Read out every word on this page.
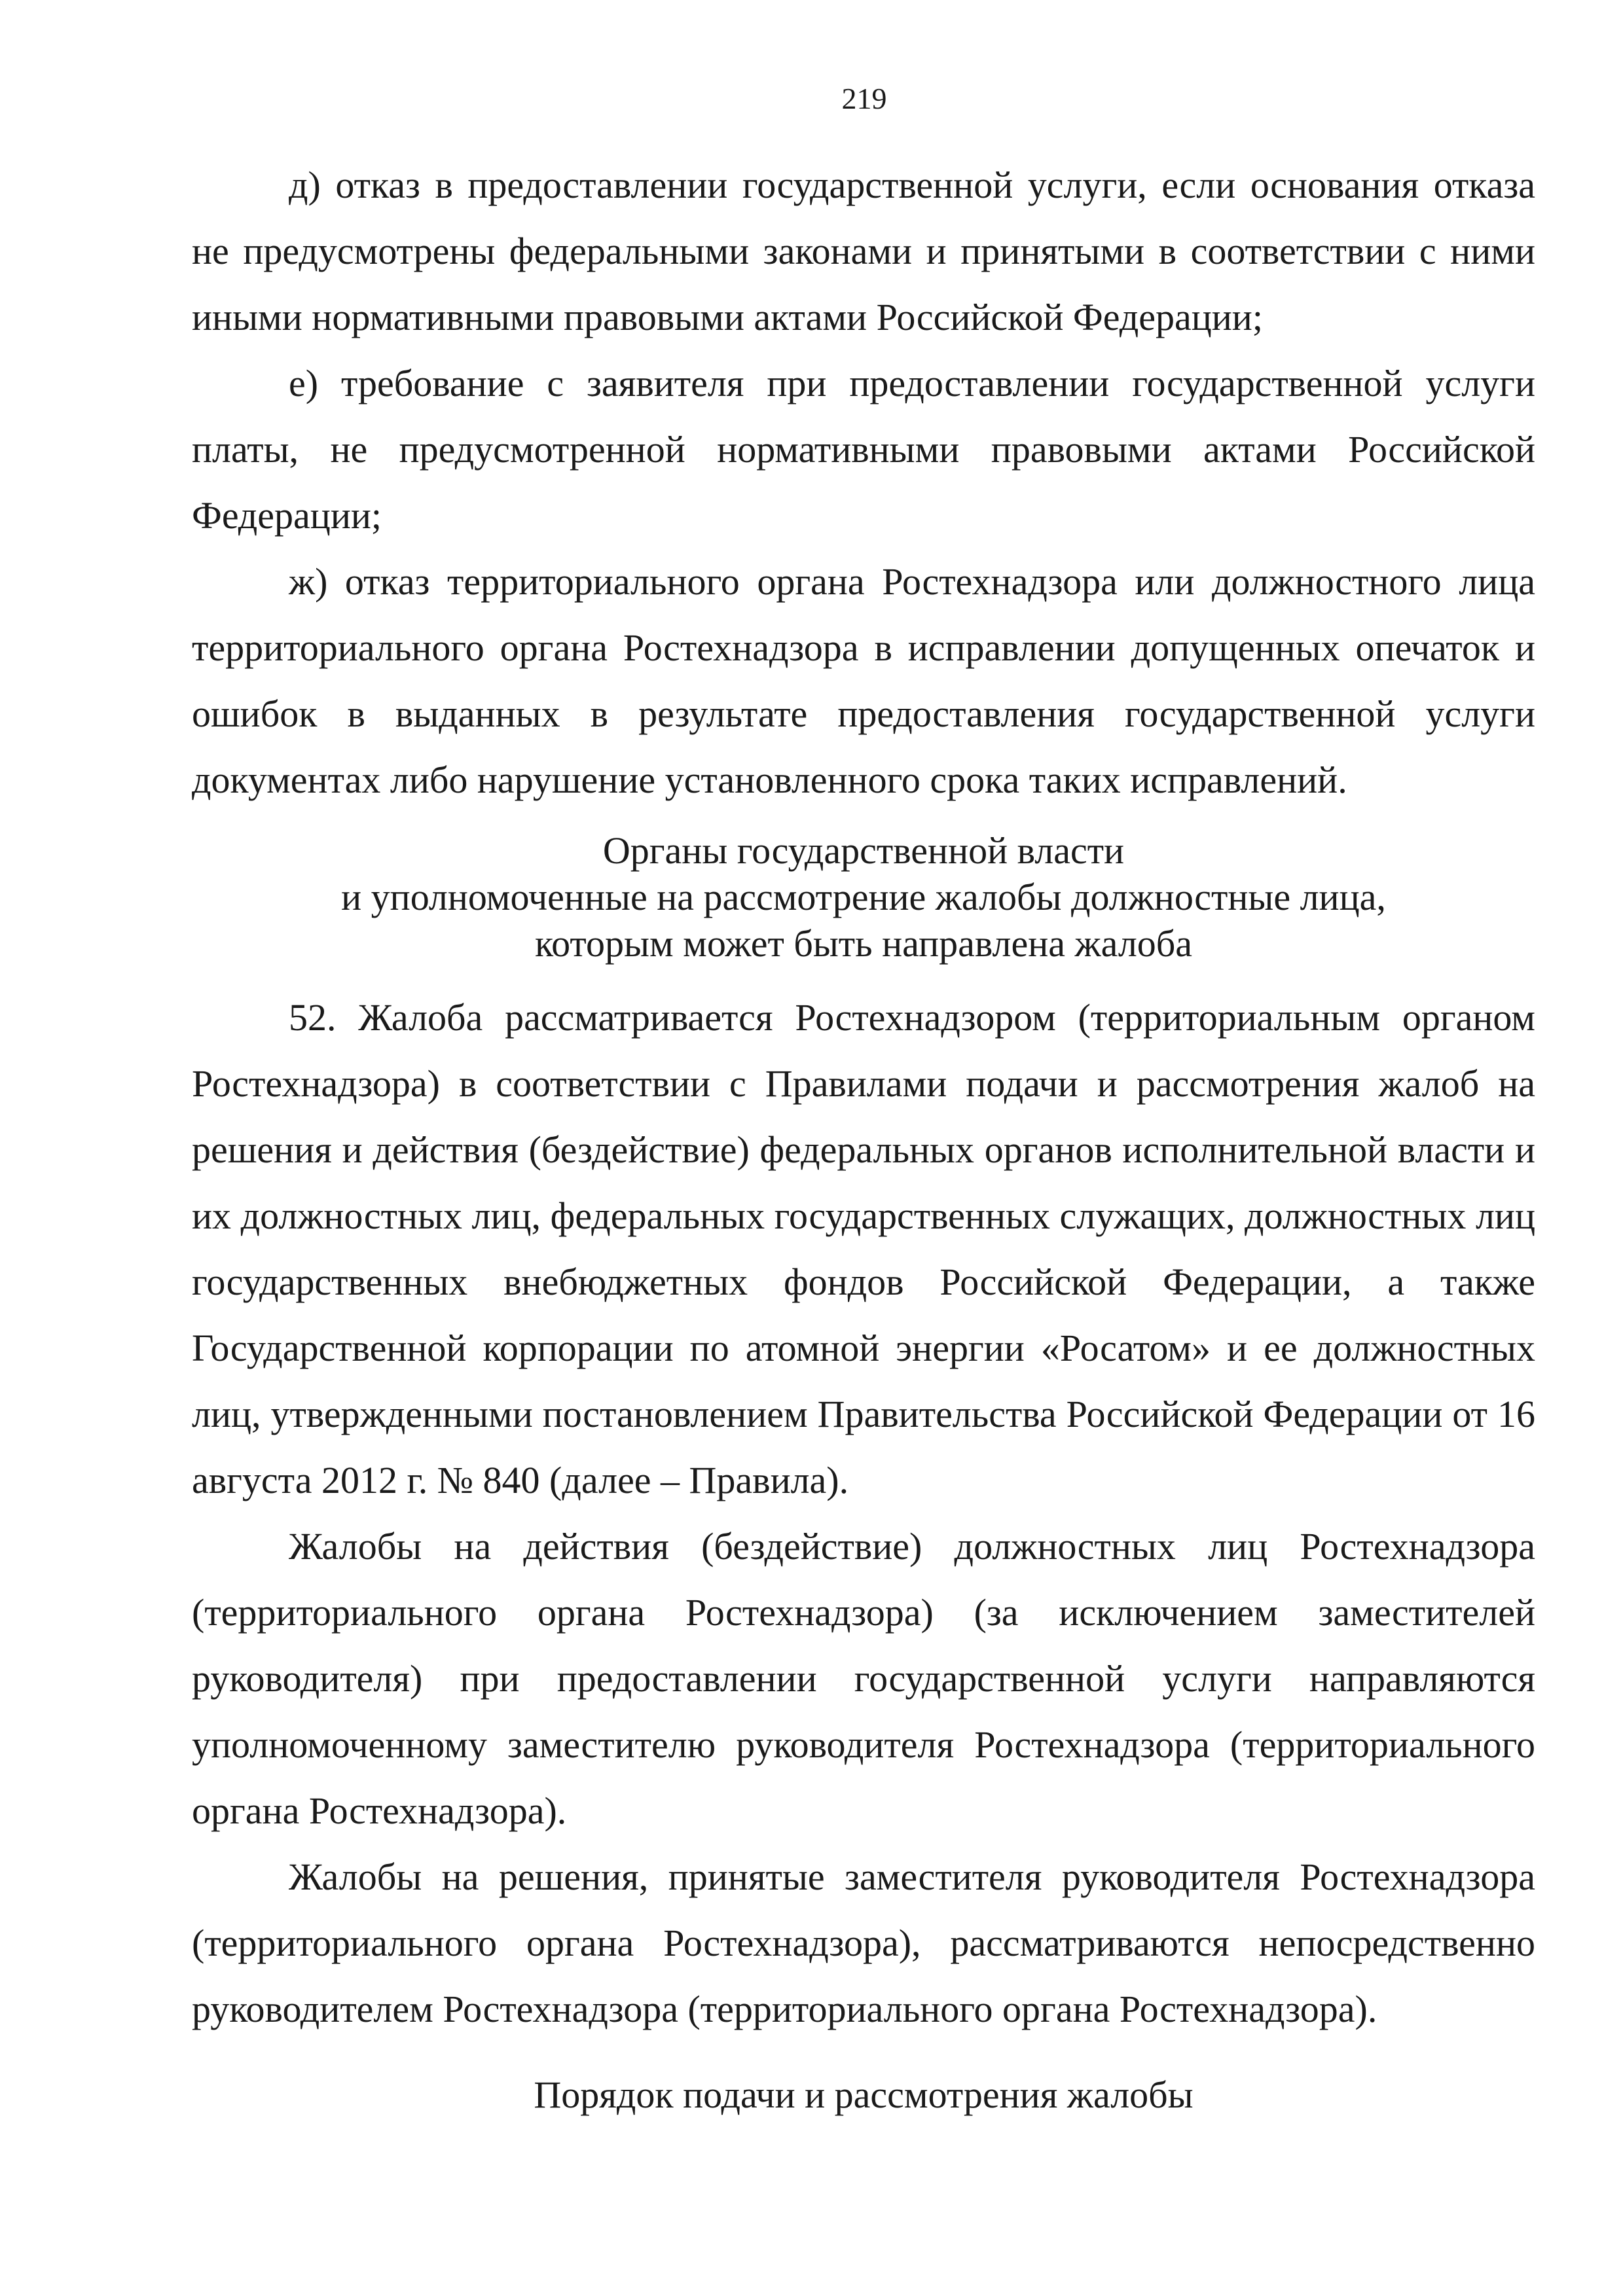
219

д) отказ в предоставлении государственной услуги, если основания отказа не предусмотрены федеральными законами и принятыми в соответствии с ними иными нормативными правовыми актами Российской Федерации;

е) требование с заявителя при предоставлении государственной услуги платы, не предусмотренной нормативными правовыми актами Российской Федерации;

ж) отказ территориального органа Ростехнадзора или должностного лица территориального органа Ростехнадзора в исправлении допущенных опечаток и ошибок в выданных в результате предоставления государственной услуги документах либо нарушение установленного срока таких исправлений.

Органы государственной власти
и уполномоченные на рассмотрение жалобы должностные лица,
которым может быть направлена жалоба

52. Жалоба рассматривается Ростехнадзором (территориальным органом Ростехнадзора) в соответствии с Правилами подачи и рассмотрения жалоб на решения и действия (бездействие) федеральных органов исполнительной власти и их должностных лиц, федеральных государственных служащих, должностных лиц государственных внебюджетных фондов Российской Федерации, а также Государственной корпорации по атомной энергии «Росатом» и ее должностных лиц, утвержденными постановлением Правительства Российской Федерации от 16 августа 2012 г. № 840 (далее – Правила).

Жалобы на действия (бездействие) должностных лиц Ростехнадзора (территориального органа Ростехнадзора) (за исключением заместителей руководителя) при предоставлении государственной услуги направляются уполномоченному заместителю руководителя Ростехнадзора (территориального органа Ростехнадзора).

Жалобы на решения, принятые заместителя руководителя Ростехнадзора (территориального органа Ростехнадзора), рассматриваются непосредственно руководителем Ростехнадзора (территориального органа Ростехнадзора).

Порядок подачи и рассмотрения жалобы
